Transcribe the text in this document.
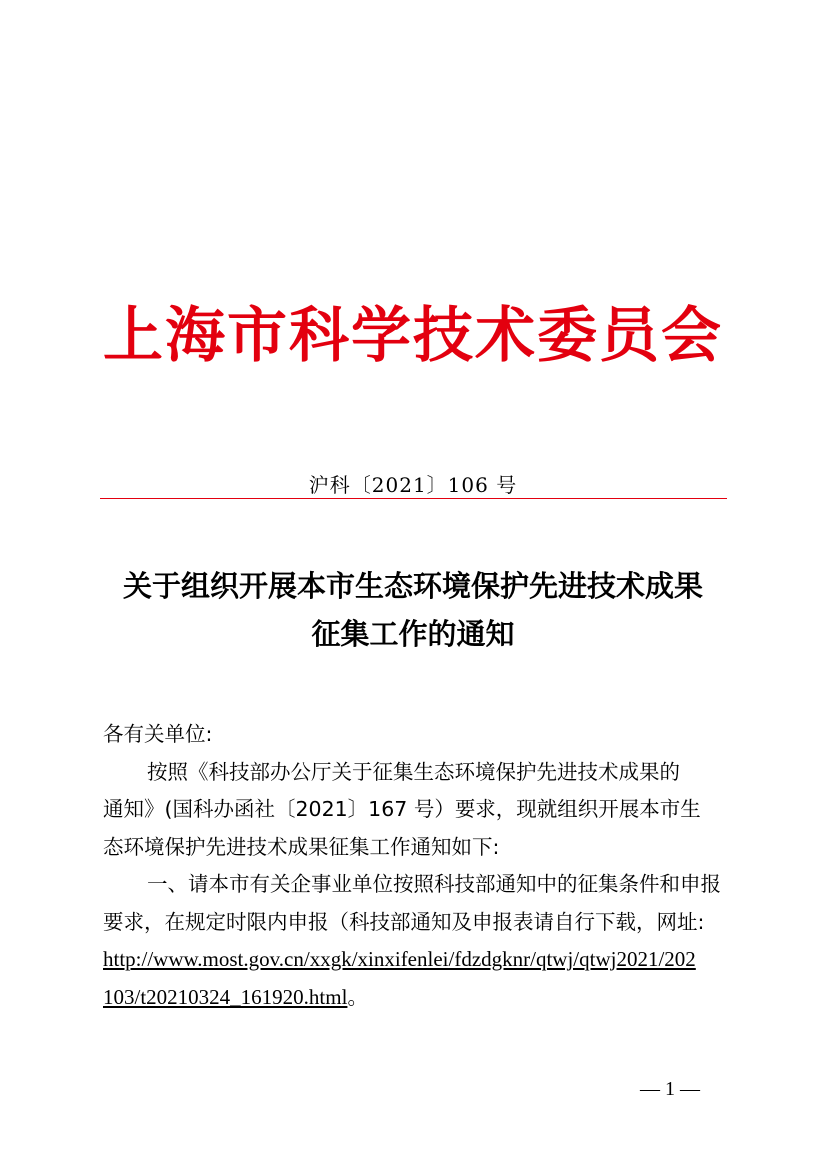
上海市科学技术委员会
沪科〔2021〕106 号
关于组织开展本市生态环境保护先进技术成果
征集工作的通知
各有关单位:
按照《科技部办公厅关于征集生态环境保护先进技术成果的
通知》(国科办函社〔2021〕167 号）要求，现就组织开展本市生
态环境保护先进技术成果征集工作通知如下:
一、请本市有关企事业单位按照科技部通知中的征集条件和申报
要求，在规定时限内申报（科技部通知及申报表请自行下载，网址:
http://www.most.gov.cn/xxgk/xinxifenlei/fdzdgknr/qtwj/qtwj2021/202
103/t20210324_161920.html。
— 1 —
